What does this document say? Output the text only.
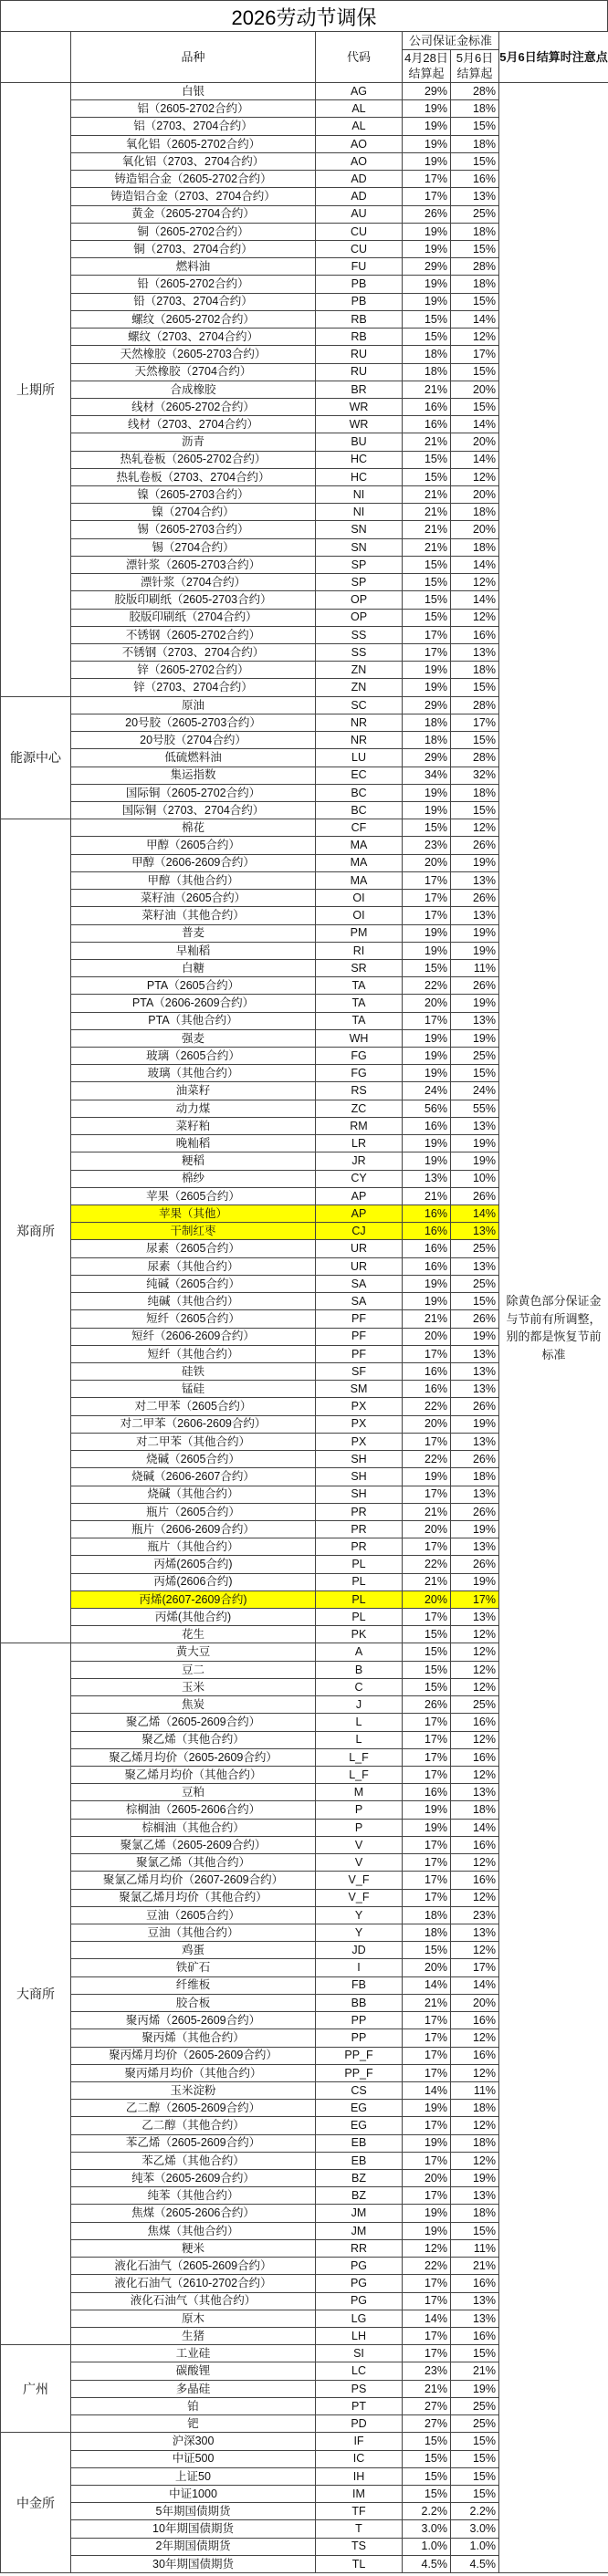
2026劳动节调保
	品种	代码	公司保证金标准		5月6日结算时注意点
			4月28日结算起	5月6日结算起	
上期所	白银	AG	29%	28%	除黄色部分保证金与节前有所调整，别的都是恢复节前标准
	铝（2605-2702合约）	AL	19%	18%	
	铝（2703、2704合约）	AL	19%	15%	
	氧化铝（2605-2702合约）	AO	19%	18%	
	氧化铝（2703、2704合约）	AO	19%	15%	
	铸造铝合金（2605-2702合约）	AD	17%	16%	
	铸造铝合金（2703、2704合约）	AD	17%	13%	
	黄金（2605-2704合约）	AU	26%	25%	
	铜（2605-2702合约）	CU	19%	18%	
	铜（2703、2704合约）	CU	19%	15%	
	燃料油	FU	29%	28%	
	铅（2605-2702合约）	PB	19%	18%	
	铅（2703、2704合约）	PB	19%	15%	
	螺纹（2605-2702合约）	RB	15%	14%	
	螺纹（2703、2704合约）	RB	15%	12%	
	天然橡胶（2605-2703合约）	RU	18%	17%	
	天然橡胶（2704合约）	RU	18%	15%	
	合成橡胶	BR	21%	20%	
	线材（2605-2702合约）	WR	16%	15%	
	线材（2703、2704合约）	WR	16%	14%	
	沥青	BU	21%	20%	
	热轧卷板（2605-2702合约）	HC	15%	14%	
	热轧卷板（2703、2704合约）	HC	15%	12%	
	镍（2605-2703合约）	NI	21%	20%	
	镍（2704合约）	NI	21%	18%	
	锡（2605-2703合约）	SN	21%	20%	
	锡（2704合约）	SN	21%	18%	
	漂针浆（2605-2703合约）	SP	15%	14%	
	漂针浆（2704合约）	SP	15%	12%	
	胶版印刷纸（2605-2703合约）	OP	15%	14%	
	胶版印刷纸（2704合约）	OP	15%	12%	
	不锈钢（2605-2702合约）	SS	17%	16%	
	不锈钢（2703、2704合约）	SS	17%	13%	
	锌（2605-2702合约）	ZN	19%	18%	
	锌（2703、2704合约）	ZN	19%	15%	
能源中心	原油	SC	29%	28%	
	20号胶（2605-2703合约）	NR	18%	17%	
	20号胶（2704合约）	NR	18%	15%	
	低硫燃料油	LU	29%	28%	
	集运指数	EC	34%	32%	
	国际铜（2605-2702合约）	BC	19%	18%	
	国际铜（2703、2704合约）	BC	19%	15%	
郑商所	棉花	CF	15%	12%	
	甲醇（2605合约）	MA	23%	26%	
	甲醇（2606-2609合约）	MA	20%	19%	
	甲醇（其他合约）	MA	17%	13%	
	菜籽油（2605合约）	OI	17%	26%	
	菜籽油（其他合约）	OI	17%	13%	
	普麦	PM	19%	19%	
	早籼稻	RI	19%	19%	
	白糖	SR	15%	11%	
	PTA（2605合约）	TA	22%	26%	
	PTA（2606-2609合约）	TA	20%	19%	
	PTA（其他合约）	TA	17%	13%	
	强麦	WH	19%	19%	
	玻璃（2605合约）	FG	19%	25%	
	玻璃（其他合约）	FG	19%	15%	
	油菜籽	RS	24%	24%	
	动力煤	ZC	56%	55%	
	菜籽粕	RM	16%	13%	
	晚籼稻	LR	19%	19%	
	粳稻	JR	19%	19%	
	棉纱	CY	13%	10%	
	苹果（2605合约）	AP	21%	26%	
	苹果（其他）	AP	16%	14%	
	干制红枣	CJ	16%	13%	
	尿素（2605合约）	UR	16%	25%	
	尿素（其他合约）	UR	16%	13%	
	纯碱（2605合约）	SA	19%	25%	
	纯碱（其他合约）	SA	19%	15%	
	短纤（2605合约）	PF	21%	26%	
	短纤（2606-2609合约）	PF	20%	19%	
	短纤（其他合约）	PF	17%	13%	
	硅铁	SF	16%	13%	
	锰硅	SM	16%	13%	
	对二甲苯（2605合约）	PX	22%	26%	
	对二甲苯（2606-2609合约）	PX	20%	19%	
	对二甲苯（其他合约）	PX	17%	13%	
	烧碱（2605合约）	SH	22%	26%	
	烧碱（2606-2607合约）	SH	19%	18%	
	烧碱（其他合约）	SH	17%	13%	
	瓶片（2605合约）	PR	21%	26%	
	瓶片（2606-2609合约）	PR	20%	19%	
	瓶片（其他合约）	PR	17%	13%	
	丙烯(2605合约)	PL	22%	26%	
	丙烯(2606合约)	PL	21%	19%	
	丙烯(2607-2609合约)	PL	20%	17%	
	丙烯(其他合约)	PL	17%	13%	
	花生	PK	15%	12%	
大商所	黄大豆	A	15%	12%	
	豆二	B	15%	12%	
	玉米	C	15%	12%	
	焦炭	J	26%	25%	
	聚乙烯（2605-2609合约）	L	17%	16%	
	聚乙烯（其他合约）	L	17%	12%	
	聚乙烯月均价（2605-2609合约）	L_F	17%	16%	
	聚乙烯月均价（其他合约）	L_F	17%	12%	
	豆粕	M	16%	13%	
	棕榈油（2605-2606合约）	P	19%	18%	
	棕榈油（其他合约）	P	19%	14%	
	聚氯乙烯（2605-2609合约）	V	17%	16%	
	聚氯乙烯（其他合约）	V	17%	12%	
	聚氯乙烯月均价（2607-2609合约）	V_F	17%	16%	
	聚氯乙烯月均价（其他合约）	V_F	17%	12%	
	豆油（2605合约）	Y	18%	23%	
	豆油（其他合约）	Y	18%	13%	
	鸡蛋	JD	15%	12%	
	铁矿石	I	20%	17%	
	纤维板	FB	14%	14%	
	胶合板	BB	21%	20%	
	聚丙烯（2605-2609合约）	PP	17%	16%	
	聚丙烯（其他合约）	PP	17%	12%	
	聚丙烯月均价（2605-2609合约）	PP_F	17%	16%	
	聚丙烯月均价（其他合约）	PP_F	17%	12%	
	玉米淀粉	CS	14%	11%	
	乙二醇（2605-2609合约）	EG	19%	18%	
	乙二醇（其他合约）	EG	17%	12%	
	苯乙烯（2605-2609合约）	EB	19%	18%	
	苯乙烯（其他合约）	EB	17%	12%	
	纯苯（2605-2609合约）	BZ	20%	19%	
	纯苯（其他合约）	BZ	17%	13%	
	焦煤（2605-2606合约）	JM	19%	18%	
	焦煤（其他合约）	JM	19%	15%	
	粳米	RR	12%	11%	
	液化石油气（2605-2609合约）	PG	22%	21%	
	液化石油气（2610-2702合约）	PG	17%	16%	
	液化石油气（其他合约）	PG	17%	13%	
	原木	LG	14%	13%	
	生猪	LH	17%	16%	
广州	工业硅	SI	17%	15%	
	碳酸锂	LC	23%	21%	
	多晶硅	PS	21%	19%	
	铂	PT	27%	25%	
	钯	PD	27%	25%	
中金所	沪深300	IF	15%	15%	
	中证500	IC	15%	15%	
	上证50	IH	15%	15%	
	中证1000	IM	15%	15%	
	5年期国债期货	TF	2.2%	2.2%	
	10年期国债期货	T	3.0%	3.0%	
	2年期国债期货	TS	1.0%	1.0%	
	30年期国债期货	TL	4.5%	4.5%	
